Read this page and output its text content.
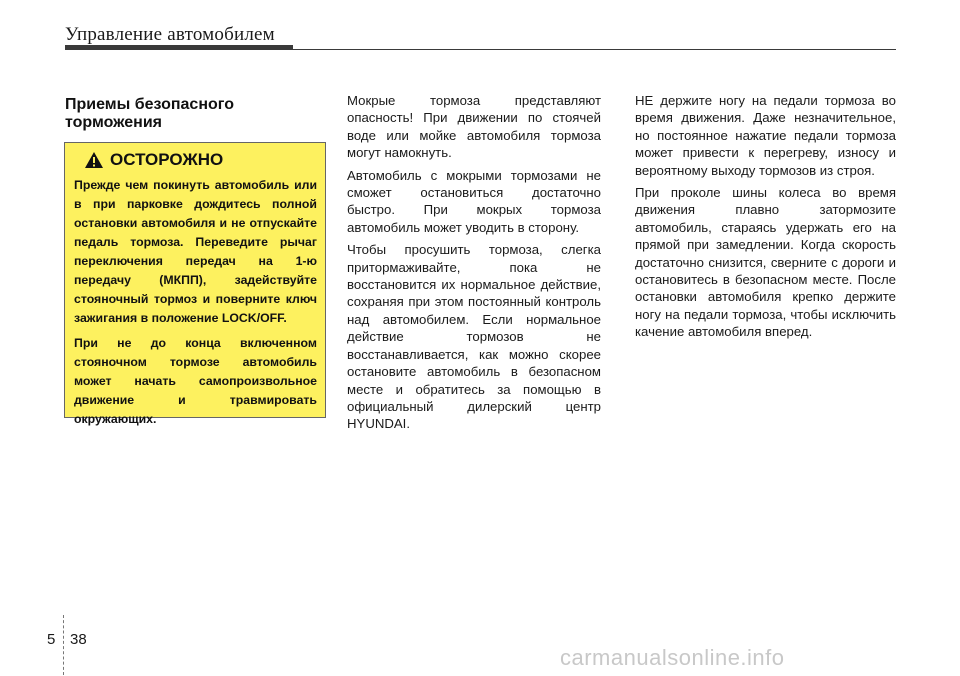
Управление автомобилем
Приемы безопасного торможения
ОСТОРОЖНО

Прежде чем покинуть автомобиль или в при парковке дождитесь полной остановки автомобиля и не отпускайте педаль тормоза. Переведите рычаг переключения передач на 1-ю передачу (МКПП), задействуйте стояночный тормоз и поверните ключ зажигания в положение LOCK/OFF.

При не до конца включенном стояночном тормозе автомобиль может начать самопроизвольное движение и травмировать окружающих.

Мокрые тормоза представляют опасность! При движении по стоячей воде или мойке автомобиля тормоза могут намокнуть.

Автомобиль с мокрыми тормозами не сможет остановиться достаточно быстро. При мокрых тормоза автомобиль может уводить в сторону.

Чтобы просушить тормоза, слегка притормаживайте, пока не восстановится их нормальное действие, сохраняя при этом постоянный контроль над автомобилем. Если нормальное действие тормозов не восстанавливается, как можно скорее остановите автомобиль в безопасном месте и обратитесь за помощью в официальный дилерский центр HYUNDAI.

НЕ держите ногу на педали тормоза во время движения. Даже незначительное, но постоянное нажатие педали тормоза может привести к перегреву, износу и вероятному выходу тормозов из строя.

При проколе шины колеса во время движения плавно затормозите автомобиль, стараясь удержать его на прямой при замедлении. Когда скорость достаточно снизится, сверните с дороги и остановитесь в безопасном месте. После остановки автомобиля крепко держите ногу на педали тормоза, чтобы исключить качение автомобиля вперед.

5 38
carmanualsonline.info
